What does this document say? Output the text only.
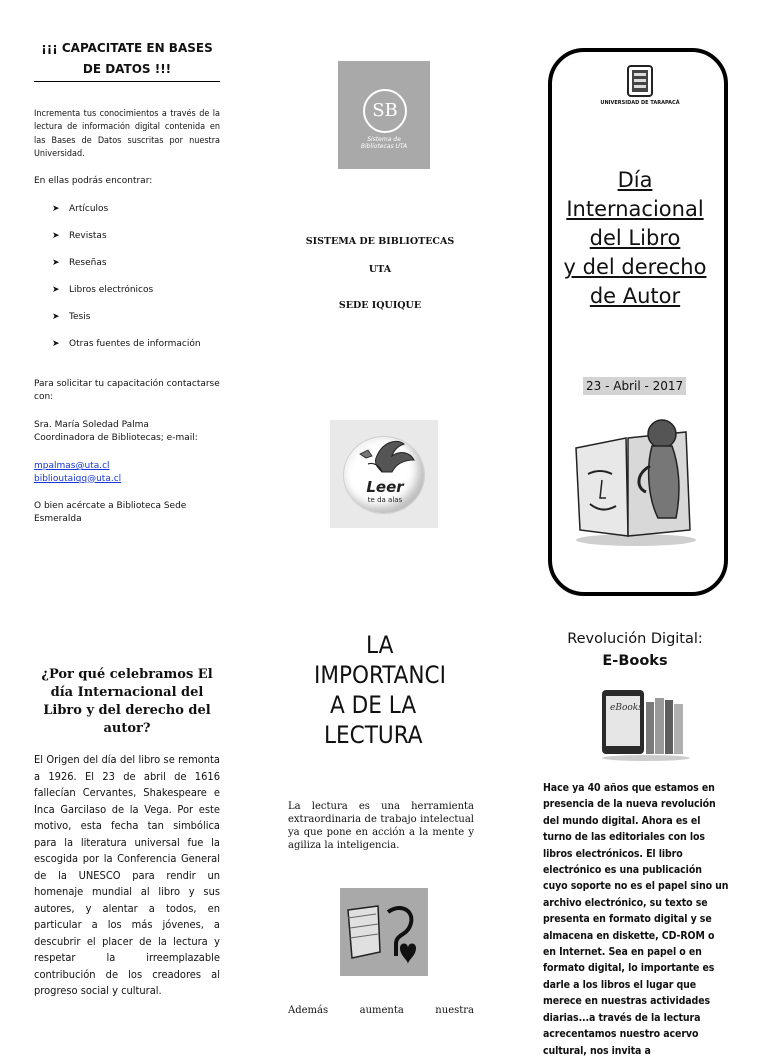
¡¡¡ CAPACITATE EN BASES
DE DATOS !!!
Incrementa tus conocimientos a través de la lectura de información digital contenida en las Bases de Datos suscritas por nuestra Universidad.
En ellas podrás encontrar:
➤ Artículos
➤ Revistas
➤ Reseñas
➤ Libros electrónicos
➤ Tesis
➤ Otras fuentes de información
Para solicitar tu capacitación contactarse con:
Sra. María Soledad Palma
Coordinadora de Bibliotecas; e-mail:
mpalmas@uta.cl
biblioutaiqq@uta.cl
O bien acércate a Biblioteca Sede Esmeralda
SB
Sistema de
Bibliotecas UTA
SISTEMA DE BIBLIOTECAS
UTA
SEDE IQUIQUE
Leer
te da alas
UNIVERSIDAD DE TARAPACÁ
Día
Internacional
del Libro
y del derecho
de Autor
23 - Abril - 2017
¿Por qué celebramos El día Internacional del Libro y del derecho del autor?
El Origen del día del libro se remonta a 1926. El 23 de abril de 1616 fallecían Cervantes, Shakespeare e Inca Garcilaso de la Vega. Por este motivo, esta fecha tan simbólica para la literatura universal fue la escogida por la Conferencia General de la UNESCO para rendir un homenaje mundial al libro y sus autores, y alentar a todos, en particular a los más jóvenes, a descubrir el placer de la lectura y respetar la irreemplazable contribución de los creadores al progreso social y cultural.
LA
IMPORTANCI
A DE LA
LECTURA
La lectura es una herramienta extraordinaria de trabajo intelectual ya que pone en acción a la mente y agiliza la inteligencia.
Además aumenta nuestra
Revolución Digital:
E-Books
eBooks
Hace ya 40 años que estamos en presencia de la nueva revolución del mundo digital. Ahora es el turno de las editoriales con los libros electrónicos. El libro electrónico es una publicación cuyo soporte no es el papel sino un archivo electrónico, su texto se presenta en formato digital y se almacena en diskette, CD-ROM o en Internet. Sea en papel o en formato digital, lo importante es darle a los libros el lugar que merece en nuestras actividades diarias...a través de la lectura acrecentamos nuestro acervo cultural, nos invita a
